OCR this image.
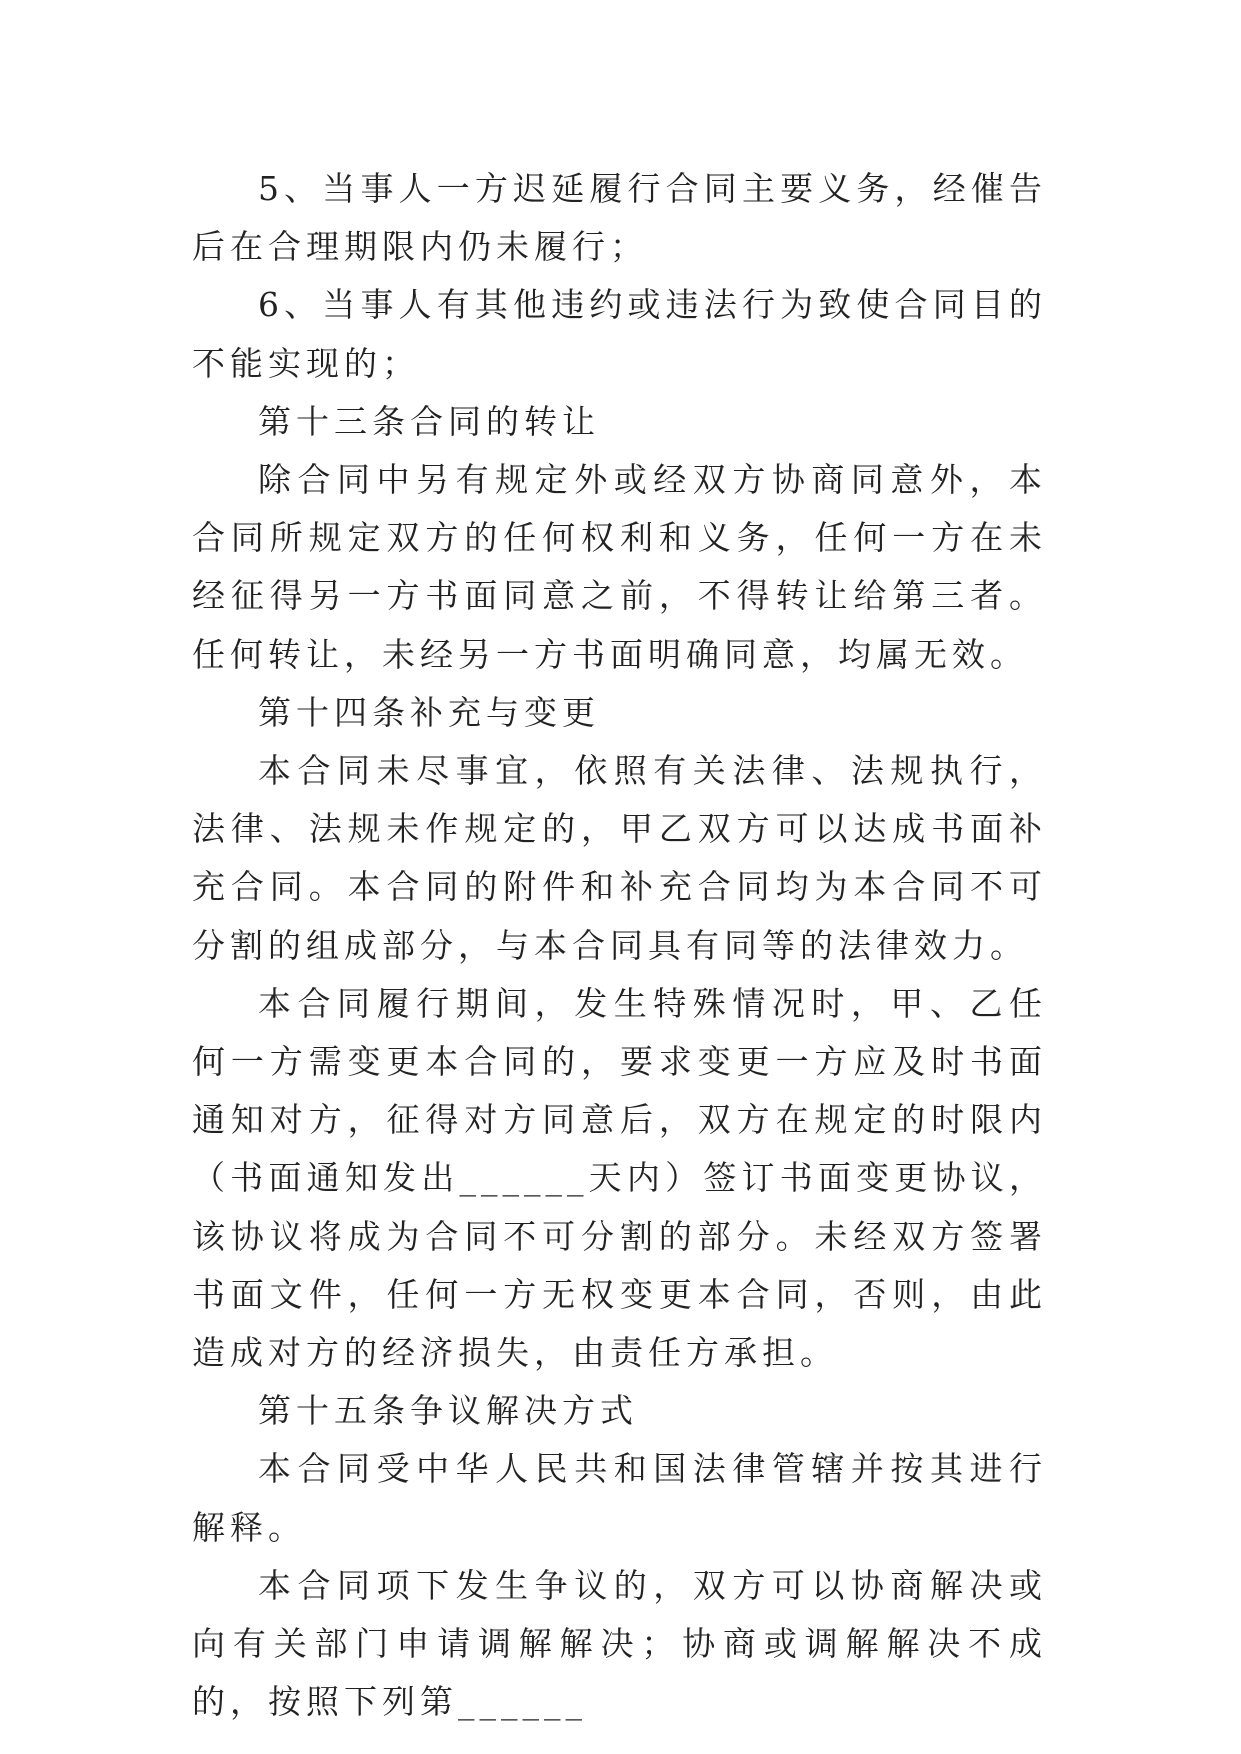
5、当事人一方迟延履行合同主要义务，经催告后在合理期限内仍未履行；

6、当事人有其他违约或违法行为致使合同目的不能实现的；

第十三条合同的转让

除合同中另有规定外或经双方协商同意外，本合同所规定双方的任何权利和义务，任何一方在未经征得另一方书面同意之前，不得转让给第三者。任何转让，未经另一方书面明确同意，均属无效。

第十四条补充与变更

本合同未尽事宜，依照有关法律、法规执行，法律、法规未作规定的，甲乙双方可以达成书面补充合同。本合同的附件和补充合同均为本合同不可分割的组成部分，与本合同具有同等的法律效力。

本合同履行期间，发生特殊情况时，甲、乙任何一方需变更本合同的，要求变更一方应及时书面通知对方，征得对方同意后，双方在规定的时限内（书面通知发出______天内）签订书面变更协议，该协议将成为合同不可分割的部分。未经双方签署书面文件，任何一方无权变更本合同，否则，由此造成对方的经济损失，由责任方承担。

第十五条争议解决方式

本合同受中华人民共和国法律管辖并按其进行解释。

本合同项下发生争议的，双方可以协商解决或向有关部门申请调解解决；协商或调解解决不成的，按照下列第______
